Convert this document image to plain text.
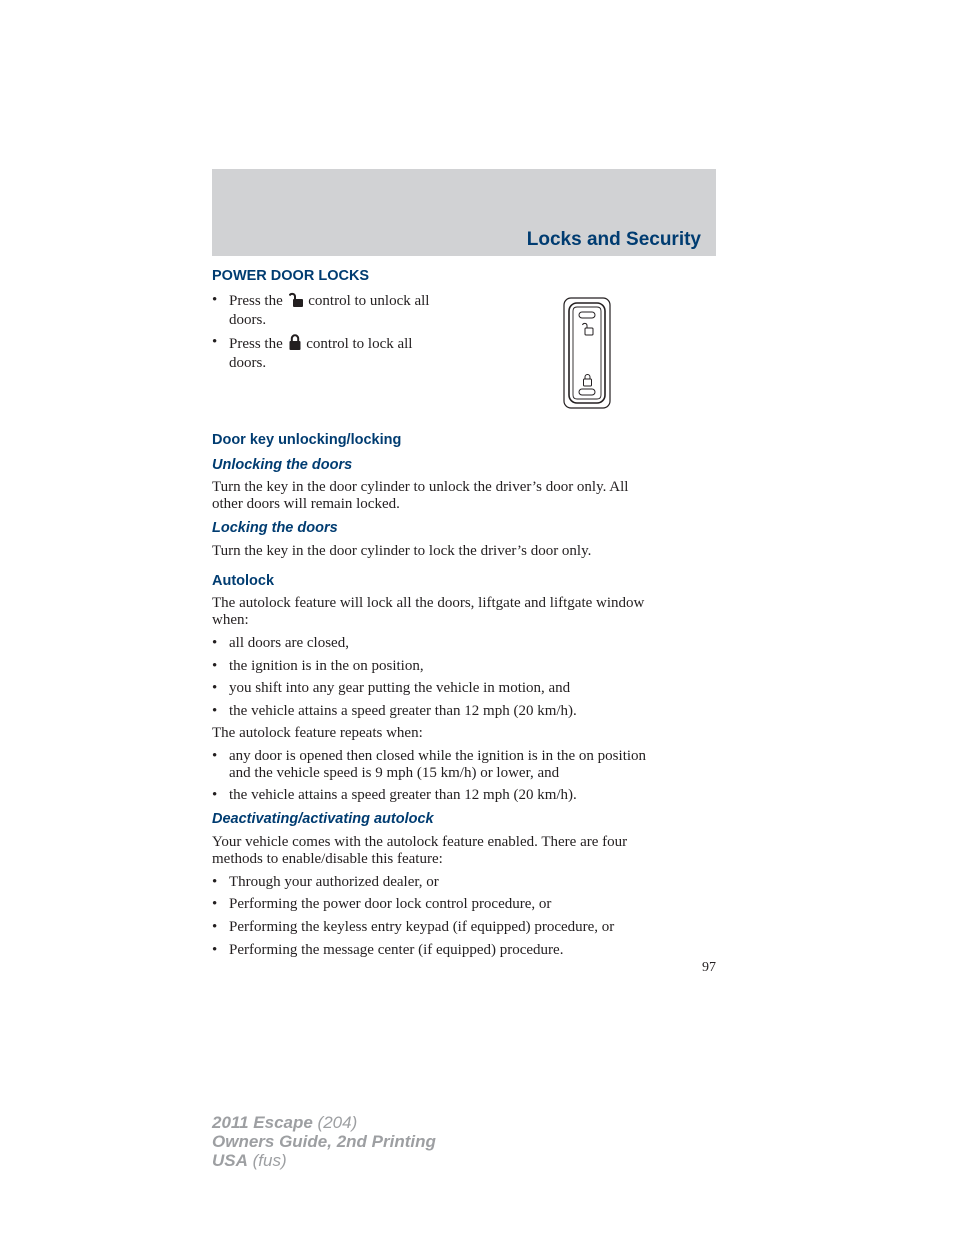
Locks and Security
POWER DOOR LOCKS
• Press the control to unlock all
doors.
• Press the control to lock all
doors.
Door key unlocking/locking
Unlocking the doors
Turn the key in the door cylinder to unlock the driver’s door only. All
other doors will remain locked.
Locking the doors
Turn the key in the door cylinder to lock the driver’s door only.
Autolock
The autolock feature will lock all the doors, liftgate and liftgate window
when:
• all doors are closed,
• the ignition is in the on position,
• you shift into any gear putting the vehicle in motion, and
• the vehicle attains a speed greater than 12 mph (20 km/h).
The autolock feature repeats when:
• any door is opened then closed while the ignition is in the on position
and the vehicle speed is 9 mph (15 km/h) or lower, and
• the vehicle attains a speed greater than 12 mph (20 km/h).
Deactivating/activating autolock
Your vehicle comes with the autolock feature enabled. There are four
methods to enable/disable this feature:
• Through your authorized dealer, or
• Performing the power door lock control procedure, or
• Performing the keyless entry keypad (if equipped) procedure, or
• Performing the message center (if equipped) procedure.
97
2011 Escape (204)
Owners Guide, 2nd Printing
USA (fus)
